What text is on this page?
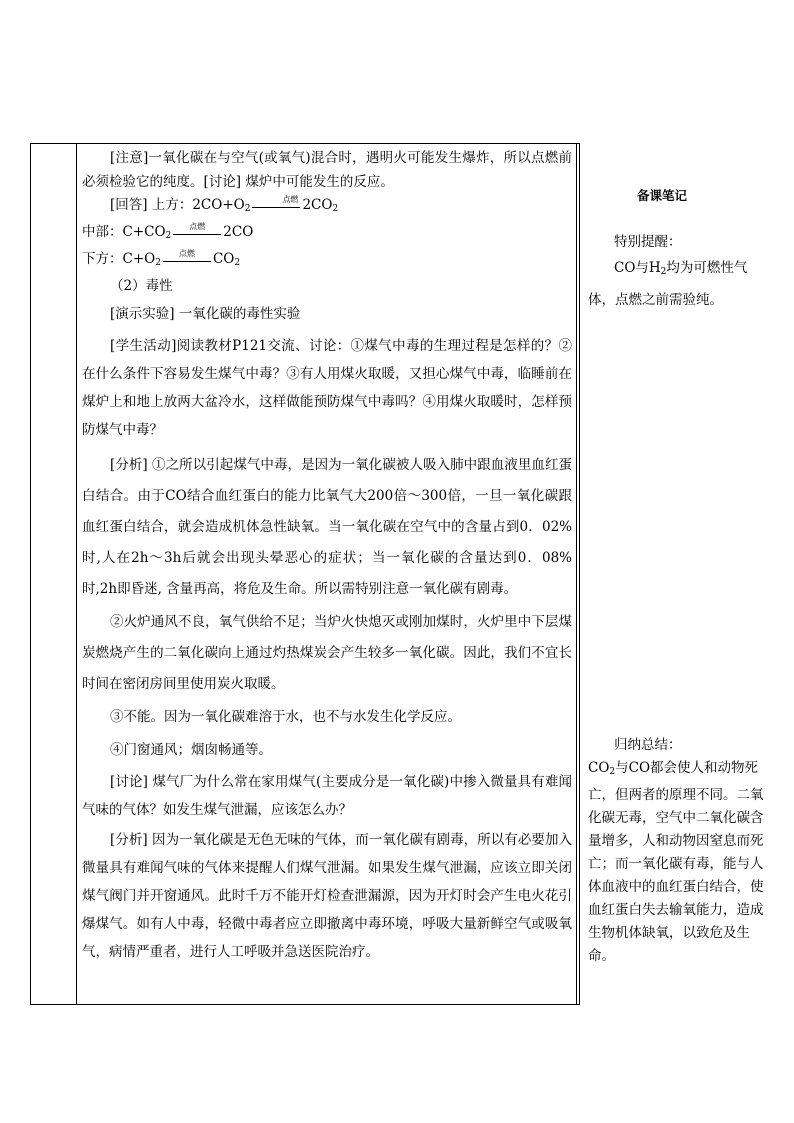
[注意]一氧化碳在与空气(或氧气)混合时，遇明火可能发生爆炸，所以点燃前必须检验它的纯度。[讨论] 煤炉中可能发生的反应。

[回答] 上方：$2CO+O_2$
点燃 $2CO_2$

中部：$C+CO_2$
点燃	2CO

下方：$C+O_2$
点燃	$CO_2$

（2）毒性

[演示实验] 一氧化碳的毒性实验

[学生活动]阅读教材P121交流、讨论：①煤气中毒的生理过程是怎样的？②在什么条件下容易发生煤气中毒？③有人用煤火取暖，又担心煤气中毒，临睡前在煤炉上和地上放两大盆冷水，这样做能预防煤气中毒吗？④用煤火取暖时，怎样预防煤气中毒？

[分析] ①之所以引起煤气中毒，是因为一氧化碳被人吸入肺中跟血液里血红蛋白结合。由于CO结合血红蛋白的能力比氧气大200倍～300倍，一旦一氧化碳跟血红蛋白结合，就会造成机体急性缺氧。当一氧化碳在空气中的含量占到0．02%时,人在2h～3h后就会出现头晕恶心的症状；当一氧化碳的含量达到0．08%时,2h即昏迷, 含量再高，将危及生命。所以需特别注意一氧化碳有剧毒。

②火炉通风不良，氧气供给不足；当炉火快熄灭或刚加煤时，火炉里中下层煤炭燃烧产生的二氧化碳向上通过灼热煤炭会产生较多一氧化碳。因此，我们不宜长时间在密闭房间里使用炭火取暖。

③不能。因为一氧化碳难溶于水，也不与水发生化学反应。

④门窗通风；烟囱畅通等。

[讨论] 煤气厂为什么常在家用煤气(主要成分是一氧化碳)中掺入微量具有难闻气味的气体？如发生煤气泄漏，应该怎么办？

[分析] 因为一氧化碳是无色无味的气体，而一氧化碳有剧毒，所以有必要加入微量具有难闻气味的气体来提醒人们煤气泄漏。如果发生煤气泄漏，应该立即关闭煤气阀门并开窗通风。此时千万不能开灯检查泄漏源，因为开灯时会产生电火花引爆煤气。如有人中毒，轻微中毒者应立即撤离中毒环境，呼吸大量新鲜空气或吸氧气，病情严重者，进行人工呼吸并急送医院治疗。

备课笔记

特别提醒：

CO与$H_2$均为可燃性气体，点燃之前需验纯。

归纳总结：

$CO_2$与CO都会使人和动物死亡，但两者的原理不同。二氧化碳无毒，空气中二氧化碳含量增多，人和动物因窒息而死亡；而一氧化碳有毒，能与人体血液中的血红蛋白结合，使血红蛋白失去输氧能力，造成生物机体缺氧，以致危及生命。
